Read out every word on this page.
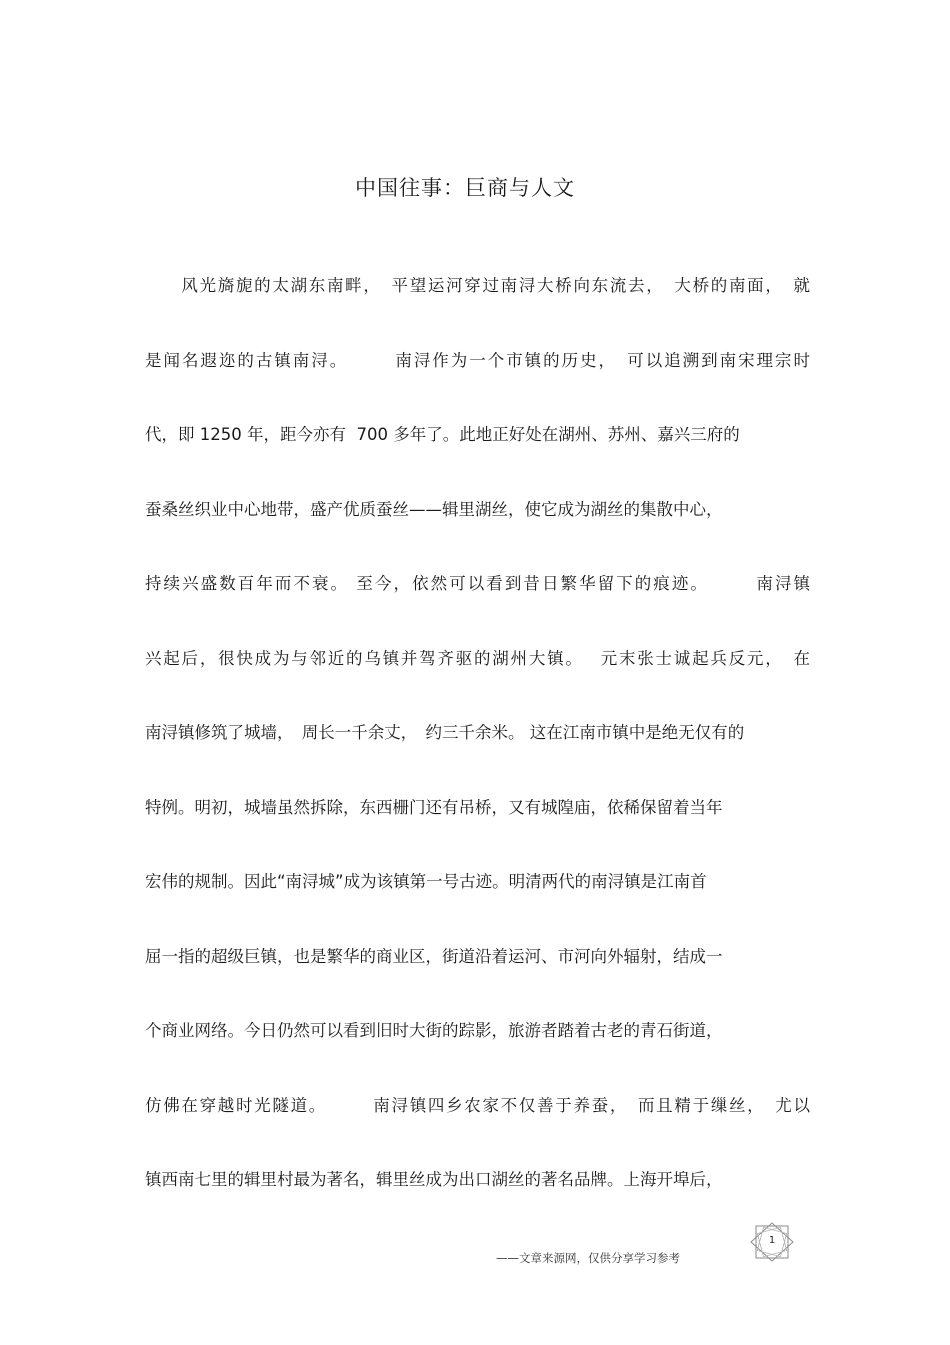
中国往事：巨商与人文
　　风光旖旎的太湖东南畔，　平望运河穿过南浔大桥向东流去，　大桥的南面，　就
是闻名遐迩的古镇南浔。　　　南浔作为一个市镇的历史，　可以追溯到南宋理宗时
代，即 1250 年，距今亦有  700 多年了。此地正好处在湖州、苏州、嘉兴三府的
蚕桑丝织业中心地带，盛产优质蚕丝——辑里湖丝，使它成为湖丝的集散中心，
持续兴盛数百年而不衰。 至今，依然可以看到昔日繁华留下的痕迹。　　　南浔镇
兴起后，很快成为与邻近的乌镇并驾齐驱的湖州大镇。　 元末张士诚起兵反元，　在
南浔镇修筑了城墙，　周长一千余丈，　约三千余米。 这在江南市镇中是绝无仅有的
特例。明初，城墙虽然拆除，东西栅门还有吊桥，又有城隍庙，依稀保留着当年
宏伟的规制。因此“南浔城”成为该镇第一号古迹。明清两代的南浔镇是江南首
屈一指的超级巨镇，也是繁华的商业区，街道沿着运河、市河向外辐射，结成一
个商业网络。今日仍然可以看到旧时大街的踪影，旅游者踏着古老的青石街道，
仿佛在穿越时光隧道。　　　南浔镇四乡农家不仅善于养蚕，　而且精于缫丝，　尤以
镇西南七里的辑里村最为著名，辑里丝成为出口湖丝的著名品牌。上海开埠后，
——文章来源网，仅供分享学习参考
1
